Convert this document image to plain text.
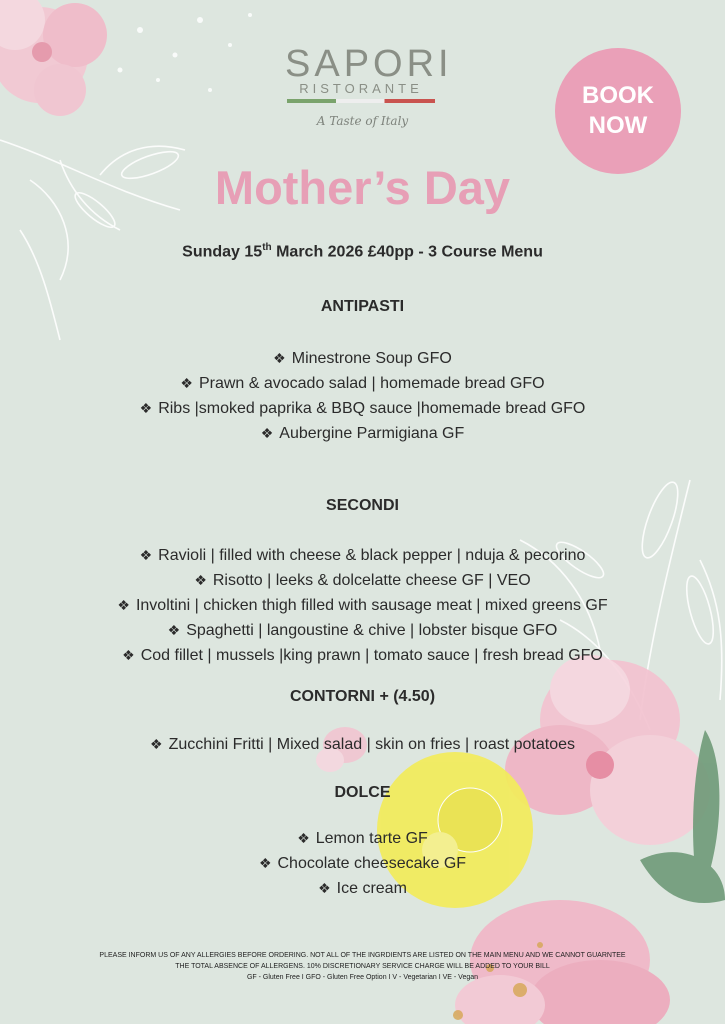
SAPORI
RISTORANTE
A Taste of Italy
BOOK
NOW
Mother’s Day
Sunday 15th March 2026 £40pp - 3 Course Menu
ANTIPASTI
❖ Minestrone Soup GFO
❖ Prawn & avocado salad | homemade bread GFO
❖ Ribs |smoked paprika & BBQ sauce |homemade bread GFO
❖ Aubergine Parmigiana GF
SECONDI
❖ Ravioli | filled with cheese & black pepper | nduja & pecorino
❖ Risotto | leeks & dolcelatte cheese GF | VEO
❖ Involtini | chicken thigh filled with sausage meat | mixed greens GF
❖ Spaghetti | langoustine & chive | lobster bisque GFO
❖ Cod fillet | mussels |king prawn | tomato sauce | fresh bread GFO
CONTORNI + (4.50)
❖ Zucchini Fritti | Mixed salad | skin on fries | roast potatoes
DOLCE
❖ Lemon tarte GF
❖ Chocolate cheesecake GF
❖ Ice cream
PLEASE INFORM US OF ANY ALLERGIES BEFORE ORDERING. NOT ALL OF THE INGRDIENTS ARE LISTED ON THE MAIN MENU AND WE CANNOT GUARNTEE
THE TOTAL ABSENCE OF ALLERGENS. 10% DISCRETIONARY SERVICE CHARGE WILL BE ADDED TO YOUR BILL
GF - Gluten Free I GFO - Gluten Free Option I V - Vegetarian I VE - Vegan
